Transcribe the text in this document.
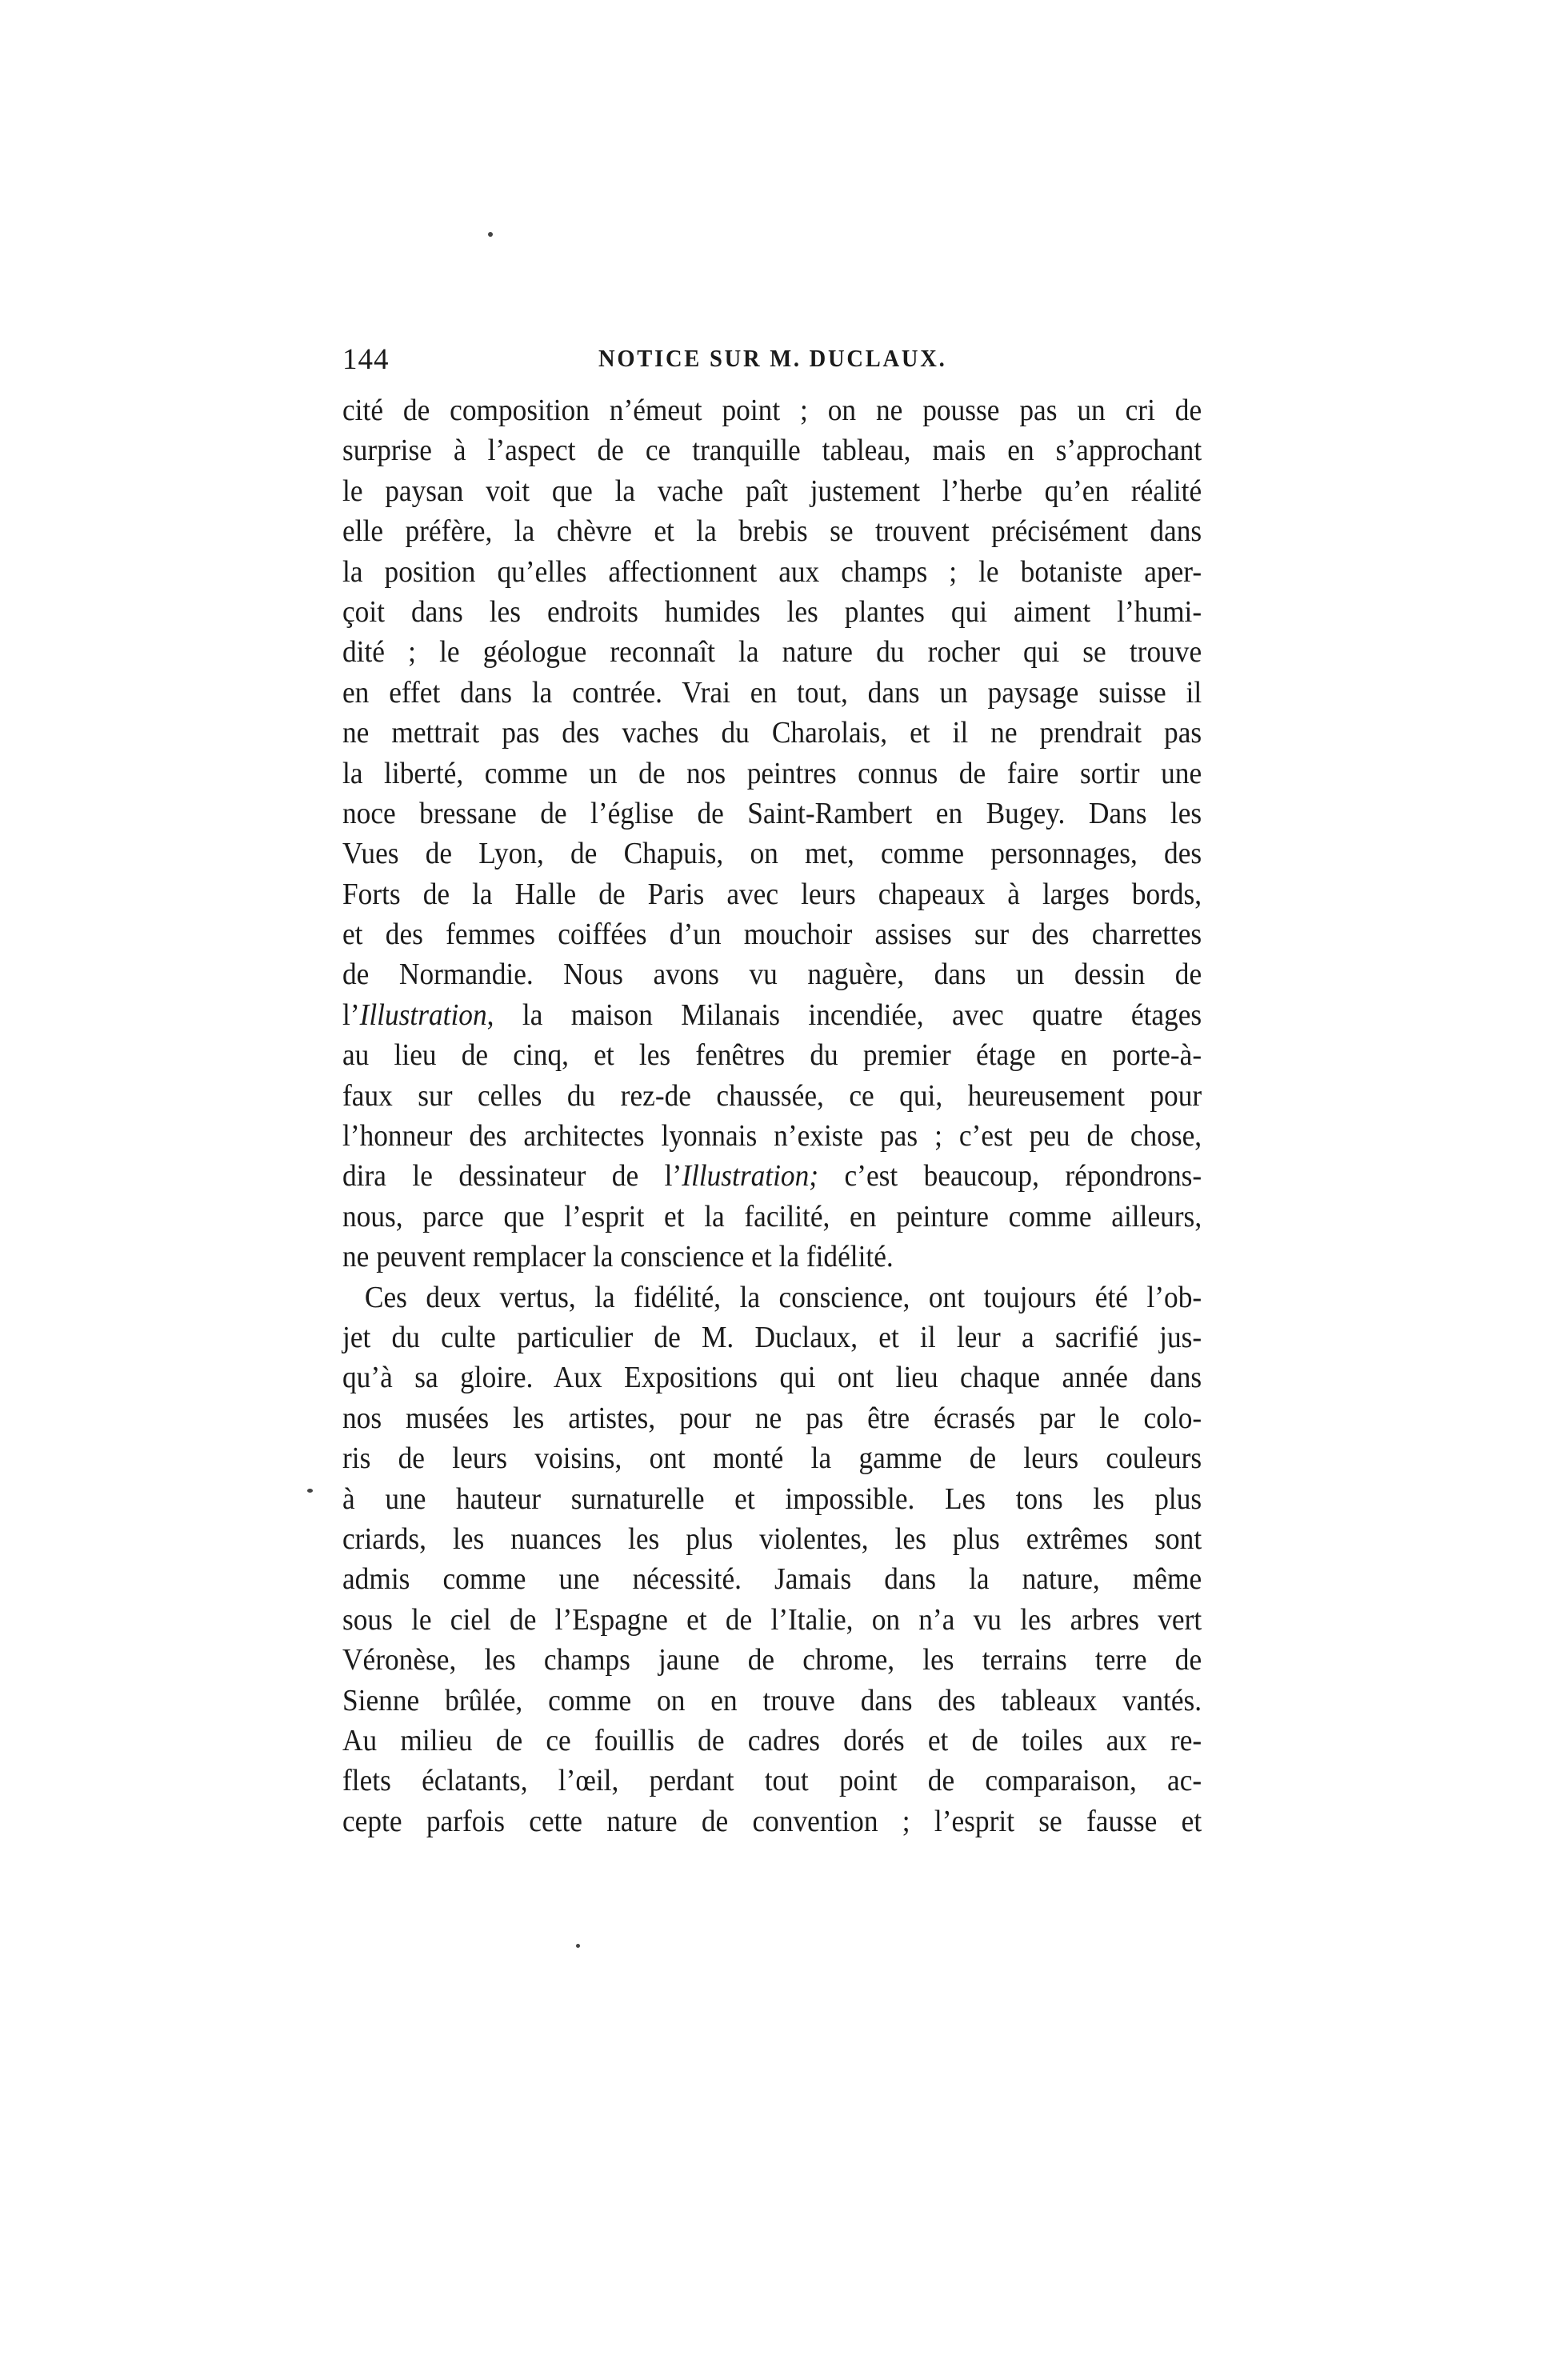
144	NOTICE SUR M. DUCLAUX.
cité de composition n’émeut point ; on ne pousse pas un cri de
surprise à l’aspect de ce tranquille tableau, mais en s’approchant
le paysan voit que la vache paît justement l’herbe qu’en réalité
elle préfère, la chèvre et la brebis se trouvent précisément dans
la position qu’elles affectionnent aux champs ; le botaniste aper-
çoit dans les endroits humides les plantes qui aiment l’humi-
dité ; le géologue reconnaît la nature du rocher qui se trouve
en effet dans la contrée. Vrai en tout, dans un paysage suisse il
ne mettrait pas des vaches du Charolais, et il ne prendrait pas
la liberté, comme un de nos peintres connus de faire sortir une
noce bressane de l’église de Saint-Rambert en Bugey. Dans les
Vues de Lyon, de Chapuis, on met, comme personnages, des
Forts de la Halle de Paris avec leurs chapeaux à larges bords,
et des femmes coiffées d’un mouchoir assises sur des charrettes
de Normandie. Nous avons vu naguère, dans un dessin de
l’Illustration, la maison Milanais incendiée, avec quatre étages
au lieu de cinq, et les fenêtres du premier étage en porte-à-
faux sur celles du rez-de chaussée, ce qui, heureusement pour
l’honneur des architectes lyonnais n’existe pas ; c’est peu de chose,
dira le dessinateur de l’Illustration; c’est beaucoup, répondrons-
nous, parce que l’esprit et la facilité, en peinture comme ailleurs,
ne peuvent remplacer la conscience et la fidélité.
Ces deux vertus, la fidélité, la conscience, ont toujours été l’ob-
jet du culte particulier de M. Duclaux, et il leur a sacrifié jus-
qu’à sa gloire. Aux Expositions qui ont lieu chaque année dans
nos musées les artistes, pour ne pas être écrasés par le colo-
ris de leurs voisins, ont monté la gamme de leurs couleurs
à une hauteur surnaturelle et impossible. Les tons les plus
criards, les nuances les plus violentes, les plus extrêmes sont
admis comme une nécessité. Jamais dans la nature, même
sous le ciel de l’Espagne et de l’Italie, on n’a vu les arbres vert
Véronèse, les champs jaune de chrome, les terrains terre de
Sienne brûlée, comme on en trouve dans des tableaux vantés.
Au milieu de ce fouillis de cadres dorés et de toiles aux re-
flets éclatants, l’œil, perdant tout point de comparaison, ac-
cepte parfois cette nature de convention ; l’esprit se fausse et
